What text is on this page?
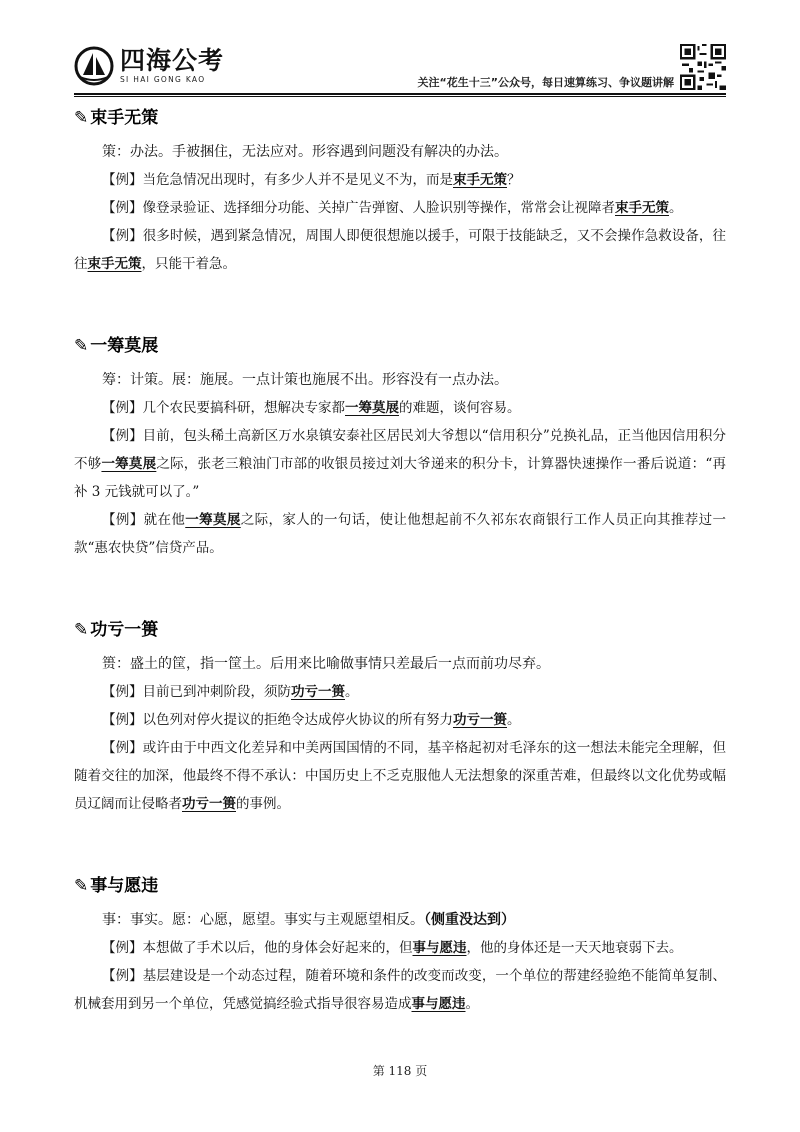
四海公考
SI HAI GONG KAO	关注“花生十三”公众号，每日速算练习、争议题讲解
✎ 束手无策

策：办法。手被捆住，无法应对。形容遇到问题没有解决的办法。

【例】当危急情况出现时，有多少人并不是见义不为，而是束手无策？

【例】像登录验证、选择细分功能、关掉广告弹窗、人脸识别等操作，常常会让视障者束手无策。

【例】很多时候，遇到紧急情况，周围人即便很想施以援手，可限于技能缺乏，又不会操作急救设备，往往束手无策，只能干着急。

✎ 一筹莫展

筹：计策。展：施展。一点计策也施展不出。形容没有一点办法。

【例】几个农民要搞科研，想解决专家都一筹莫展的难题，谈何容易。

【例】目前，包头稀土高新区万水泉镇安泰社区居民刘大爷想以“信用积分”兑换礼品，正当他因信用积分不够一筹莫展之际，张老三粮油门市部的收银员接过刘大爷递来的积分卡，计算器快速操作一番后说道：“再补 3 元钱就可以了。”

【例】就在他一筹莫展之际，家人的一句话，使让他想起前不久祁东农商银行工作人员正向其推荐过一款“惠农快贷”信贷产品。

✎ 功亏一篑

篑：盛土的筐，指一筐土。后用来比喻做事情只差最后一点而前功尽弃。

【例】目前已到冲刺阶段，须防功亏一篑。

【例】以色列对停火提议的拒绝令达成停火协议的所有努力功亏一篑。

【例】或许由于中西文化差异和中美两国国情的不同，基辛格起初对毛泽东的这一想法未能完全理解，但随着交往的加深，他最终不得不承认：中国历史上不乏克服他人无法想象的深重苦难，但最终以文化优势或幅员辽阔而让侵略者功亏一篑的事例。

✎ 事与愿违

事：事实。愿：心愿，愿望。事实与主观愿望相反。（侧重没达到）

【例】本想做了手术以后，他的身体会好起来的，但事与愿违，他的身体还是一天天地衰弱下去。

【例】基层建设是一个动态过程，随着环境和条件的改变而改变，一个单位的帮建经验绝不能简单复制、机械套用到另一个单位，凭感觉搞经验式指导很容易造成事与愿违。

第 118 页
